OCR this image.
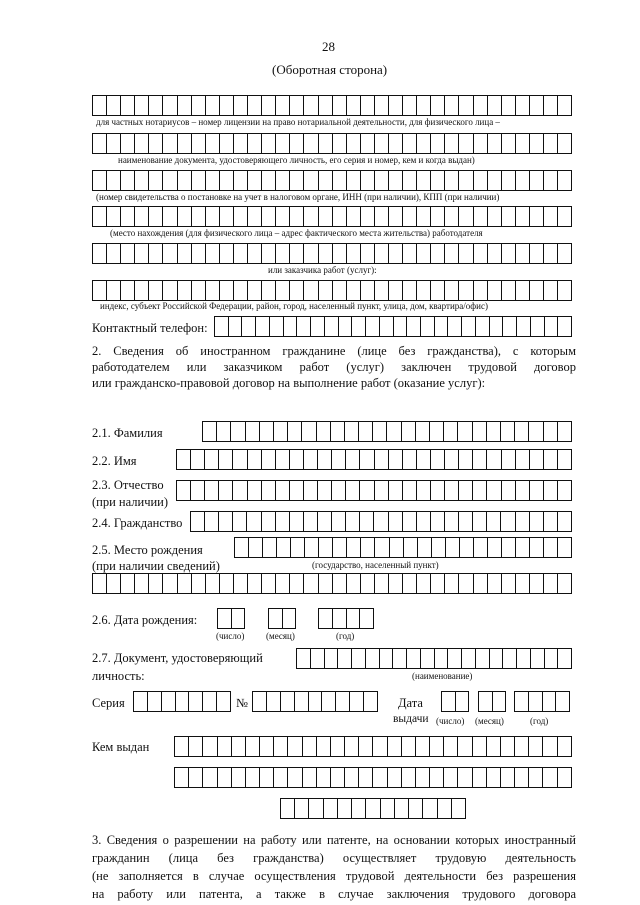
28
(Оборотная сторона)
для частных нотариусов – номер лицензии на право нотариальной деятельности, для физического лица –
наименование документа, удостоверяющего личность, его серия и номер, кем и когда выдан)
(номер свидетельства о постановке на учет в налоговом органе, ИНН (при наличии), КПП (при наличии)
(место нахождения (для физического лица – адрес фактического места жительства) работодателя
или заказчика работ (услуг):
индекс, субъект Российской Федерации, район, город, населенный пункт, улица, дом, квартира/офис)
Контактный телефон:
2. Сведения об иностранном гражданине (лице без гражданства), с которым
работодателем или заказчиком работ (услуг) заключен трудовой договор
или гражданско-правовой договор на выполнение работ (оказание услуг):
2.1. Фамилия
2.2. Имя
2.3. Отчество
(при наличии)
2.4. Гражданство
2.5. Место рождения
(при наличии сведений)	(государство, населенный пункт)
2.6. Дата рождения:
(число) (месяц)	(год)
2.7. Документ, удостоверяющий
личность:	(наименование)
Серия	№	Дата
выдачи (число) (месяц)	(год)
Кем выдан
3. Сведения о разрешении на работу или патенте, на основании которых иностранный
гражданин (лица без гражданства) осуществляет трудовую деятельность
(не заполняется в случае осуществления трудовой деятельности без разрешения
на работу или патента, а также в случае заключения трудового договора
